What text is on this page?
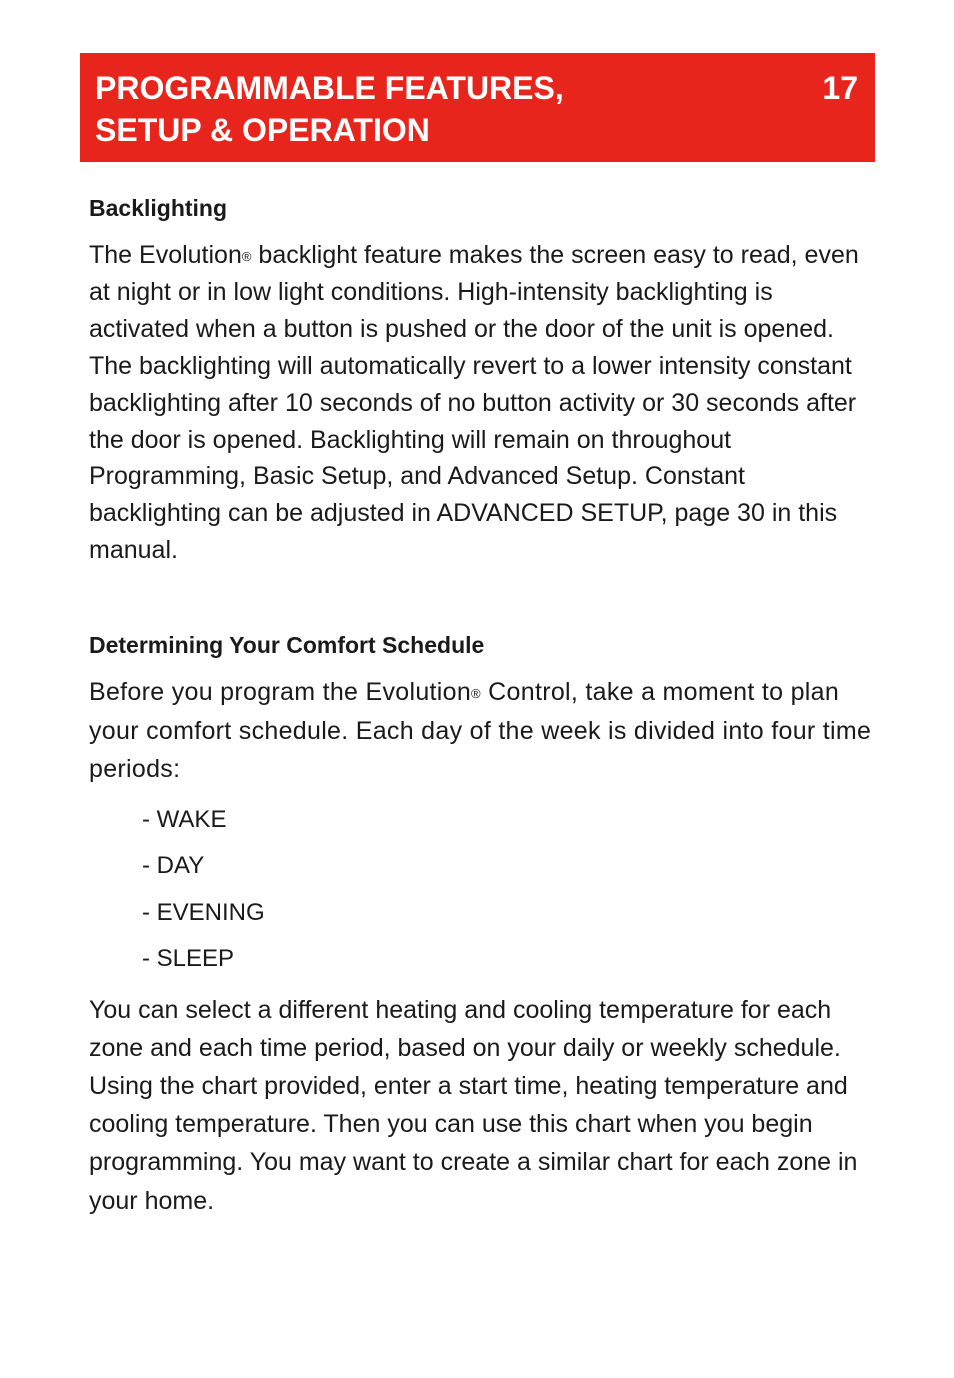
PROGRAMMABLE FEATURES,
SETUP & OPERATION
17
Backlighting

The Evolution® backlight feature makes the screen easy to read, even at night or in low light conditions. High-intensity backlighting is activated when a button is pushed or the door of the unit is opened. The backlighting will automatically revert to a lower intensity constant backlighting after 10 seconds of no button activity or 30 seconds after the door is opened. Backlighting will remain on throughout Programming, Basic Setup, and Advanced Setup. Constant backlighting can be adjusted in ADVANCED SETUP, page 30 in this manual.

Determining Your Comfort Schedule

Before you program the Evolution® Control, take a moment to plan your comfort schedule. Each day of the week is divided into four time periods:

- WAKE
- DAY
- EVENING
- SLEEP

You can select a different heating and cooling temperature for each zone and each time period, based on your daily or weekly schedule. Using the chart provided, enter a start time, heating temperature and cooling temperature. Then you can use this chart when you begin programming. You may want to create a similar chart for each zone in your home.
